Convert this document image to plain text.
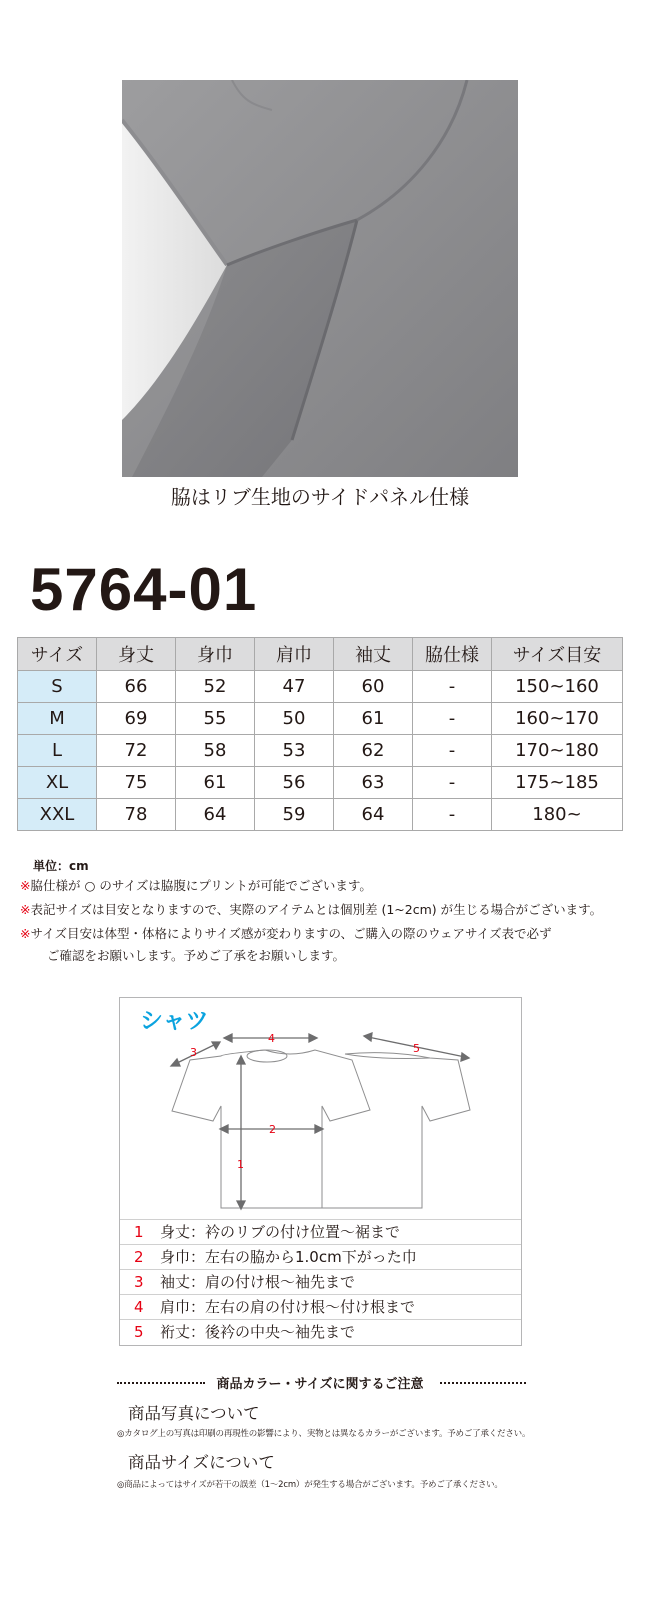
脇はリブ生地のサイドパネル仕様
5764-01
サイズ	身丈	身巾	肩巾	袖丈	脇仕様	サイズ目安
S	66	52	47	60	-	150~160
M	69	55	50	61	-	160~170
L	72	58	53	62	-	170~180
XL	75	61	56	63	-	175~185
XXL	78	64	59	64	-	180~
単位：cm
※脇仕様が ○ のサイズは脇腹にプリントが可能でございます。
※表記サイズは目安となりますので、実際のアイテムとは個別差 (1~2cm) が生じる場合がございます。
※サイズ目安は体型・体格によりサイズ感が変わりますの、ご購入の際のウェアサイズ表で必ず
ご確認をお願いします。予めご了承をお願いします。
1
2
3
4
5
シャツ
1 身丈：衿のリブの付け位置～裾まで
2 身巾：左右の脇から1.0cm下がった巾
3 袖丈：肩の付け根～袖先まで
4 肩巾：左右の肩の付け根～付け根まで
5 裄丈：後衿の中央～袖先まで
商品カラー・サイズに関するご注意
商品写真について
◎カタログ上の写真は印刷の再現性の影響により、実物とは異なるカラーがございます。予めご了承ください。
商品サイズについて
◎商品によってはサイズが若干の誤差（1～2cm）が発生する場合がございます。予めご了承ください。
